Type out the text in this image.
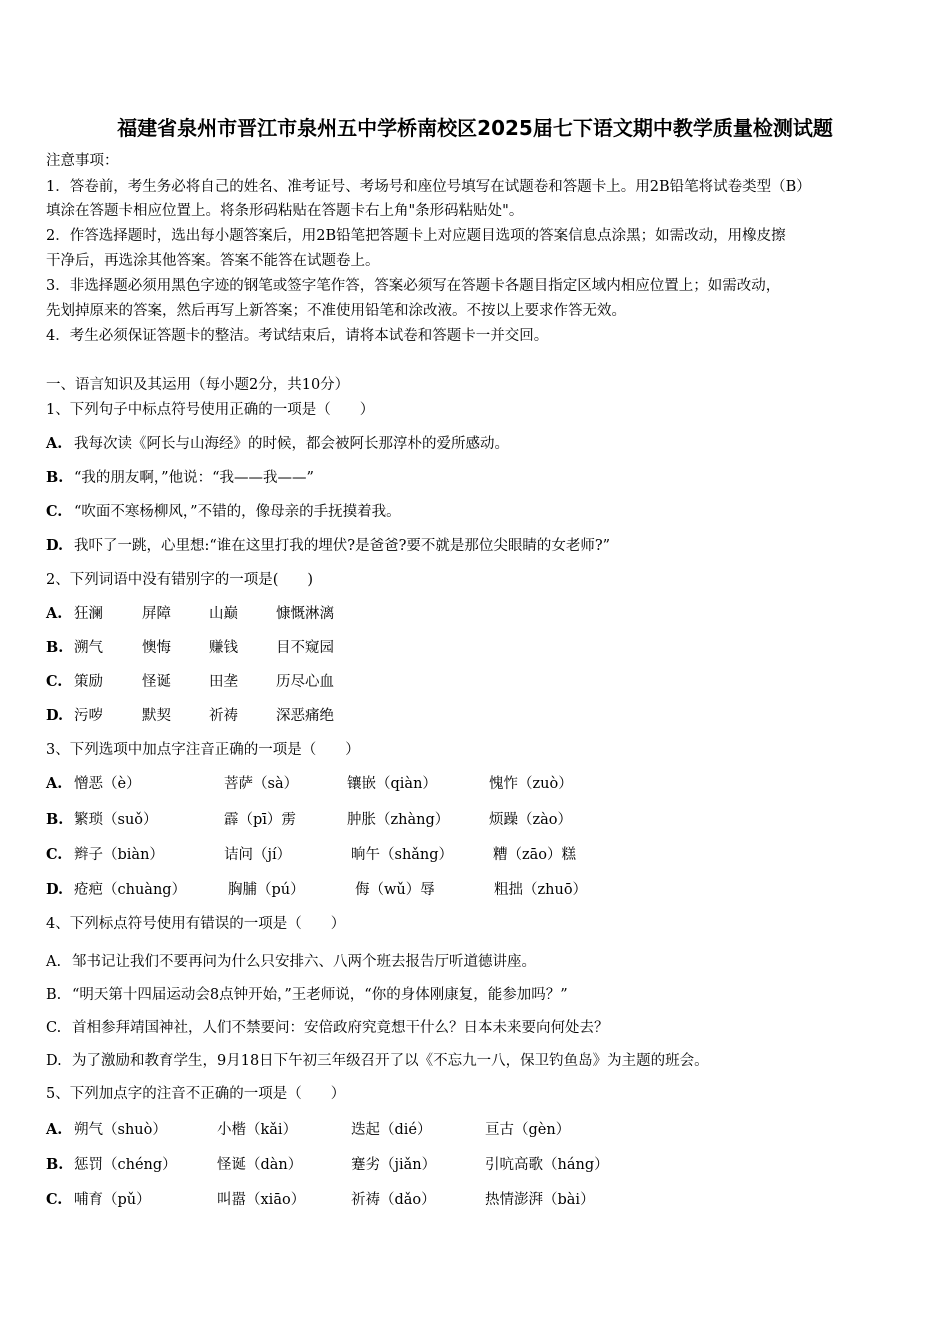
福建省泉州市晋江市泉州五中学桥南校区2025届七下语文期中教学质量检测试题
注意事项：
1．答卷前，考生务必将自己的姓名、准考证号、考场号和座位号填写在试题卷和答题卡上。用2B铅笔将试卷类型（B）
填涂在答题卡相应位置上。将条形码粘贴在答题卡右上角"条形码粘贴处"。
2．作答选择题时，选出每小题答案后，用2B铅笔把答题卡上对应题目选项的答案信息点涂黑；如需改动，用橡皮擦
干净后，再选涂其他答案。答案不能答在试题卷上。
3．非选择题必须用黑色字迹的钢笔或签字笔作答，答案必须写在答题卡各题目指定区域内相应位置上；如需改动，
先划掉原来的答案，然后再写上新答案；不准使用铅笔和涂改液。不按以上要求作答无效。
4．考生必须保证答题卡的整洁。考试结束后，请将本试卷和答题卡一并交回。
一、语言知识及其运用（每小题2分，共10分）
1、下列句子中标点符号使用正确的一项是（　　）
A. 我每次读《阿长与山海经》的时候，都会被阿长那淳朴的爱所感动。
B. “我的朋友啊，”他说：“我——我——”
C. “吹面不寒杨柳风，”不错的，像母亲的手抚摸着我。
D. 我吓了一跳，心里想:“谁在这里打我的埋伏?是爸爸?要不就是那位尖眼睛的女老师?”
2、下列词语中没有错别字的一项是(　　)
A. 狂澜	屏障	山巅	慷慨淋漓
B. 溯气	懊悔	赚钱	目不窥园
C. 策励	怪诞	田垄	历尽心血
D. 污哕	默契	祈祷	深恶痛绝
3、下列选项中加点字注音正确的一项是（　　）
A. 憎恶（è）	菩萨（sà）	镶嵌（qiàn）	愧怍（zuò）
B. 繁琐（suǒ）	霹（pī）雳	肿胀（zhàng）	烦躁（zào）
C. 辫子（biàn）	诘问（jí）	晌午（shǎng）	糟（zāo）糕
D. 疮疤（chuàng）	胸脯（pú）	侮（wǔ）辱	粗拙（zhuō）
4、下列标点符号使用有错误的一项是（　　）
A. 邹书记让我们不要再问为什么只安排六、八两个班去报告厅听道德讲座。
B. “明天第十四届运动会8点钟开始，”王老师说，“你的身体刚康复，能参加吗？”
C. 首相参拜靖国神社，人们不禁要问：安倍政府究竟想干什么？日本未来要向何处去？
D. 为了激励和教育学生，9月18日下午初三年级召开了以《不忘九一八，保卫钓鱼岛》为主题的班会。
5、下列加点字的注音不正确的一项是（　　）
A. 朔气（shuò）	小楷（kǎi）	迭起（dié）	亘古（gèn）
B. 惩罚（chéng）	怪诞（dàn）	蹇劣（jiǎn）	引吭高歌（háng）
C. 哺育（pǔ）	叫嚣（xiāo）	祈祷（dǎo）	热情澎湃（bài）
